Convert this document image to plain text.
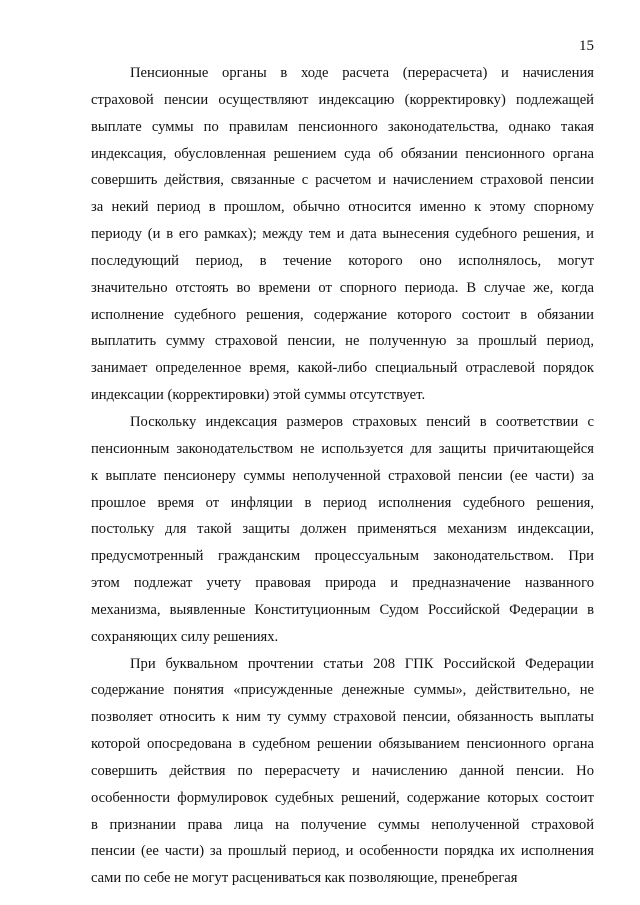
15

Пенсионные органы в ходе расчета (перерасчета) и начисления
страховой пенсии осуществляют индексацию (корректировку) подлежащей
выплате суммы по правилам пенсионного законодательства, однако такая
индексация, обусловленная решением суда об обязании пенсионного органа
совершить действия, связанные с расчетом и начислением страховой пенсии
за некий период в прошлом, обычно относится именно к этому спорному
периоду (и в его рамках); между тем и дата вынесения судебного решения, и
последующий период, в течение которого оно исполнялось, могут
значительно отстоять во времени от спорного периода. В случае же, когда
исполнение судебного решения, содержание которого состоит в обязании
выплатить сумму страховой пенсии, не полученную за прошлый период,
занимает определенное время, какой-либо специальный отраслевой порядок
индексации (корректировки) этой суммы отсутствует.

Поскольку индексация размеров страховых пенсий в соответствии с
пенсионным законодательством не используется для защиты причитающейся
к выплате пенсионеру суммы неполученной страховой пенсии (ее части) за
прошлое время от инфляции в период исполнения судебного решения,
постольку для такой защиты должен применяться механизм индексации,
предусмотренный гражданским процессуальным законодательством. При
этом подлежат учету правовая природа и предназначение названного
механизма, выявленные Конституционным Судом Российской Федерации в
сохраняющих силу решениях.

При буквальном прочтении статьи 208 ГПК Российской Федерации
содержание понятия «присужденные денежные суммы», действительно, не
позволяет относить к ним ту сумму страховой пенсии, обязанность выплаты
которой опосредована в судебном решении обязыванием пенсионного органа
совершить действия по перерасчету и начислению данной пенсии. Но
особенности формулировок судебных решений, содержание которых состоит
в признании права лица на получение суммы неполученной страховой
пенсии (ее части) за прошлый период, и особенности порядка их исполнения
сами по себе не могут расцениваться как позволяющие, пренебрегая
